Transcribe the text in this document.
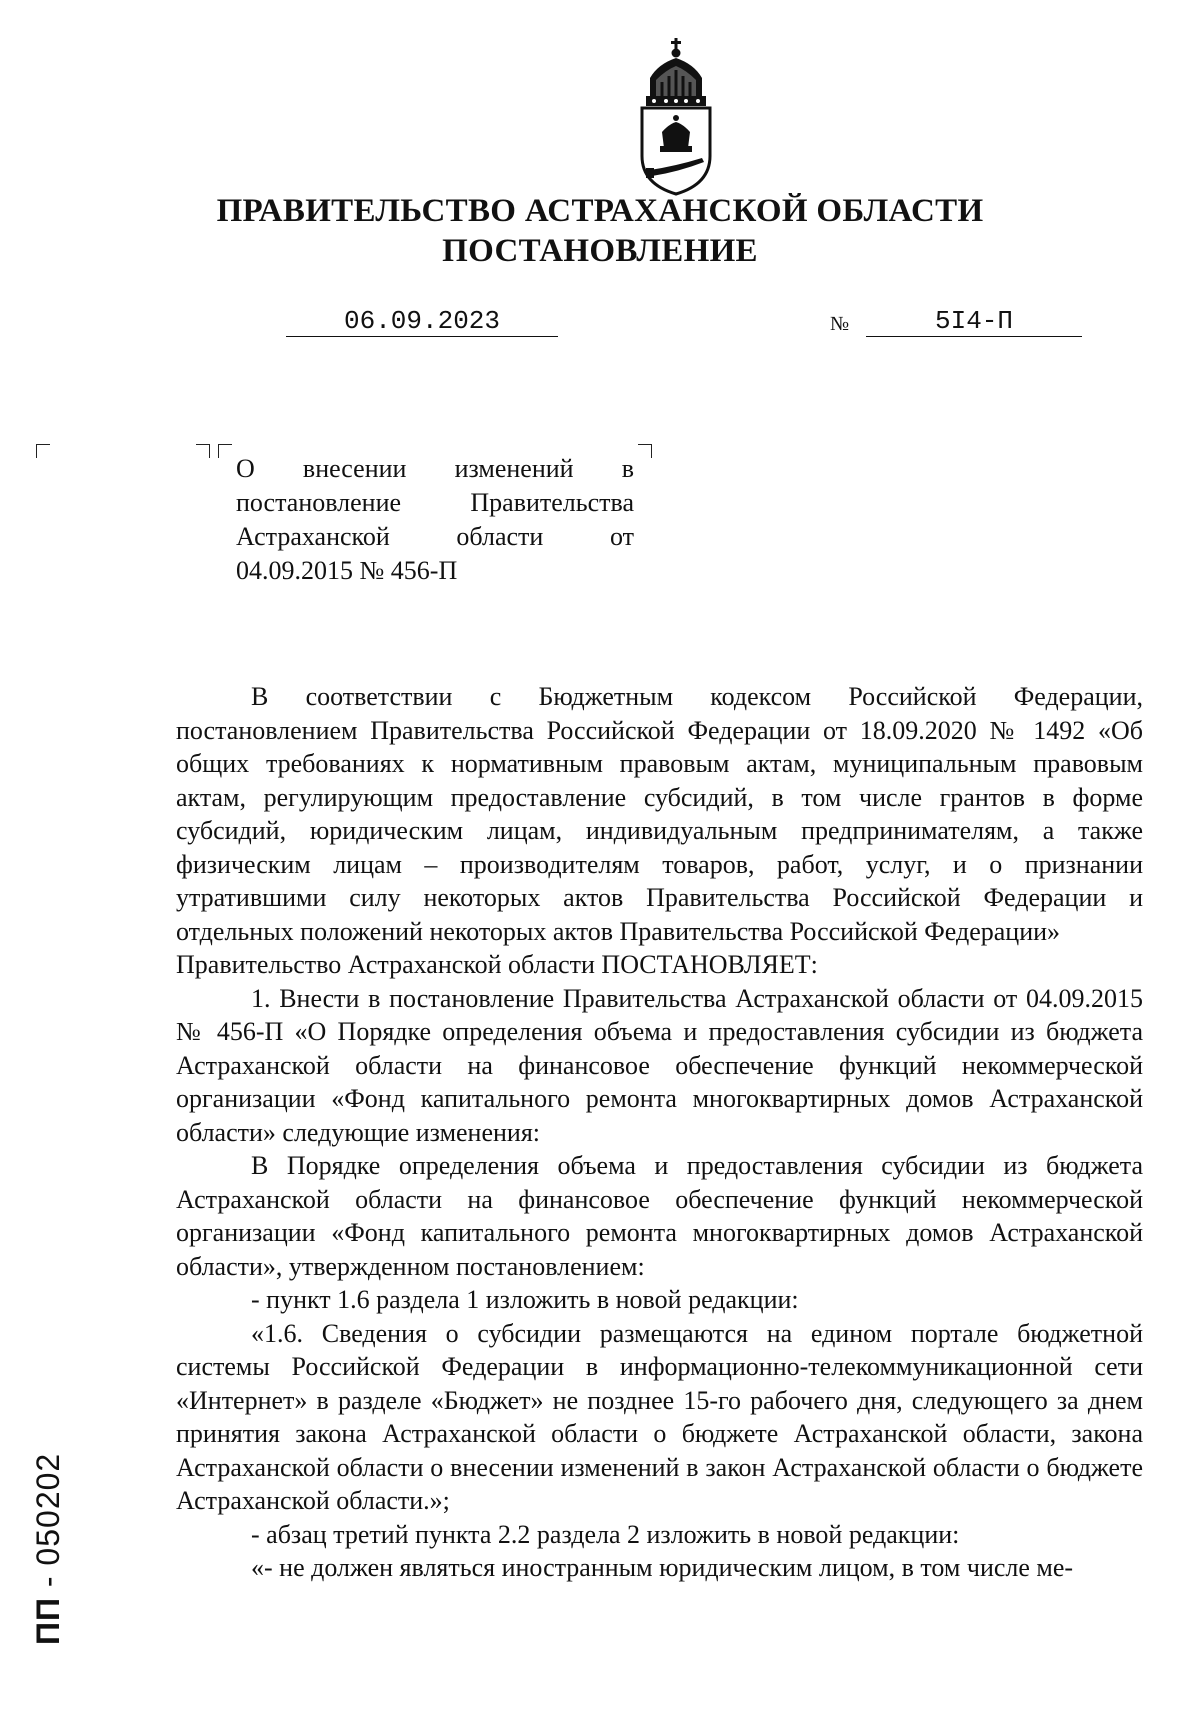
ПРАВИТЕЛЬСТВО АСТРАХАНСКОЙ ОБЛАСТИ
ПОСТАНОВЛЕНИЕ
06.09.2023	№	5I4-П

О внесении изменений в постановление Правительства Астраханской области от 04.09.2015 № 456-П

В соответствии с Бюджетным кодексом Российской Федерации, постановлением Правительства Российской Федерации от 18.09.2020 № 1492 «Об общих требованиях к нормативным правовым актам, муниципальным правовым актам, регулирующим предоставление субсидий, в том числе грантов в форме субсидий, юридическим лицам, индивидуальным предпринимателям, а также физическим лицам – производителям товаров, работ, услуг, и о признании утратившими силу некоторых актов Правительства Российской Федерации и отдельных положений некоторых актов Правительства Российской Федерации»

Правительство Астраханской области ПОСТАНОВЛЯЕТ:

1. Внести в постановление Правительства Астраханской области от 04.09.2015 № 456-П «О Порядке определения объема и предоставления субсидии из бюджета Астраханской области на финансовое обеспечение функций некоммерческой организации «Фонд капитального ремонта многоквартирных домов Астраханской области» следующие изменения:

В Порядке определения объема и предоставления субсидии из бюджета Астраханской области на финансовое обеспечение функций некоммерческой организации «Фонд капитального ремонта многоквартирных домов Астраханской области», утвержденном постановлением:

- пункт 1.6 раздела 1 изложить в новой редакции:

«1.6. Сведения о субсидии размещаются на едином портале бюджетной системы Российской Федерации в информационно-телекоммуникационной сети «Интернет» в разделе «Бюджет» не позднее 15-го рабочего дня, следующего за днем принятия закона Астраханской области о бюджете Астраханской области, закона Астраханской области о внесении изменений в закон Астраханской области о бюджете Астраханской области.»;

- абзац третий пункта 2.2 раздела 2 изложить в новой редакции:

«- не должен являться иностранным юридическим лицом, в том числе ме-

ПП - 050202
